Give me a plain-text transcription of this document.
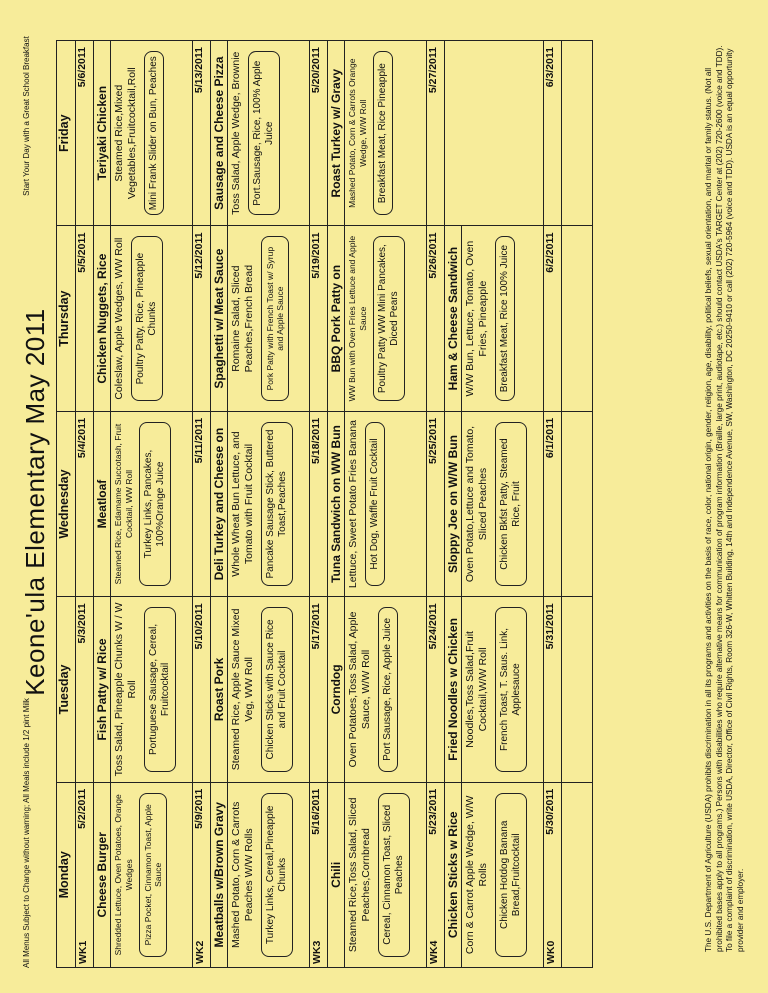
All Menus Subject to Change without warning; All Meals include 1/2 pint Milk
Keone'ula Elementary May 2011
Start Your Day with a Great School Breakfast
Monday	Tuesday	Wednesday	Thursday	Friday

WK1
5/2/2011	5/3/2011	5/4/2011	5/5/2011	5/6/2011

Cheese Burger Shredded Lettuce, Oven Potatoes, Orange Wedges Pizza Pocket, Cinnamon Toast, Apple Sauce	Fish Patty w/ Rice Toss Salad, Pineapple Chunks W / W Roll Portuguese Sausage, Cereal, Fruitcocktail	Meatloaf Steamed Rice, Edamame Succotash, Fruit Cocktail, WW Roll Turkey Links, Pancakes, 100%Orange Juice	Chicken Nuggets, Rice Coleslaw, Apple Wedges, WW Roll Poultry Patty, Rice, Pineapple Chunks	Teriyaki Chicken Steamed Rice,Mixed Vegetables,Fruitcocktail,Roll Mini Frank Slider on Bun, Peaches

WK2
5/9/2011	5/10/2011	5/11/2011	5/12/2011	5/13/2011

Meatballs w/Brown Gravy Mashed Potato, Corn & Carrots Peaches W/W Rolls Turkey Links, Cereal,Pineapple Chunks	Roast Pork Steamed Rice, Apple Sauce Mixed Veg, WW Roll Chicken Sticks with Sauce Rice and Fruit Cocktail	Deli Turkey and Cheese on Whole Wheat Bun Lettuce, and Tomato with Fruit Cocktail Pancake Sausage Stick, Buttered Toast,Peaches	Spaghetti w/ Meat Sauce Romaine Salad, Sliced Peaches,French Bread Pork Patty with French Toast w/ Syrup and Apple Sauce	Sausage and Cheese Pizza Toss Salad, Apple Wedge, Brownie Port.Sausage, Rice, 100% Apple Juice

WK3
5/16/2011	5/17/2011	5/18/2011	5/19/2011	5/20/2011

Chili Steamed Rice,Toss Salad, Sliced Peaches,Cornbread Cereal, Cinnamon Toast, Sliced Peaches	Corndog Oven Potatoes,Toss Salad, Apple Sauce, W/W Roll Port Sausage, Rice, Apple Juice	Tuna Sandwich on WW Bun Lettuce, Sweet Potato Fries Banana Hot Dog, Waffle Fruit Cocktail	BBQ Pork Patty on WW Bun with Oven Fries Lettuce and Apple Sauce Poultry Patty WW Mini Pancakes, Diced Pears	Roast Turkey w/ Gravy Mashed Potato, Corn & Carrots Orange Wedge, W/W Roll Breakfast Meat, Rice Pineapple

WK4
5/23/2011	5/24/2011	5/25/2011	5/26/2011	5/27/2011

Chicken Sticks w Rice Corn & Carrot Apple Wedge, W/W Rolls Chicken Hotdog Banana Bread,Fruitcocktail	Fried Noodles w Chicken Noodles,Toss Salad,Fruit Cocktail,W/W Roll French Toast, T. Saus. Link, Applesauce	Sloppy Joe on W/W Bun Oven Potato,Lettuce and Tomato, Sliced Peaches Chicken Bkfst Patty, Steamed Rice, Fruit	Ham & Cheese Sandwich W/W Bun, Lettuce, Tomato, Oven Fries, Pineapple Breakfast Meat, Rice 100% Juice	

WK0
5/30/2011	5/31/2011	6/1/2011	6/2/2011	6/3/2011

The U.S. Department of Agriculture (USDA) prohibits discrimination in all its programs and activities on the basis of race, color, national origin, gender, religion, age, disability, political beliefs, sexual orientation, and marital or family status. (Not all prohibited bases apply to all programs.) Persons with disabilities who require alternative means for communication of program information (Braille, large print, audiotape, etc.) should contact USDA's TARGET Center at (202) 720-2600 (voice and TDD). To file a complaint of discrimination, write USDA, Director, Office of Civil Rights, Room 326-W, Whitten Building, 14th and Independence Avenue, SW, Washington, DC 20250-9410 or call (202) 720-5964 (voice and TDD). USDA is an equal opportunity provider and employer.
